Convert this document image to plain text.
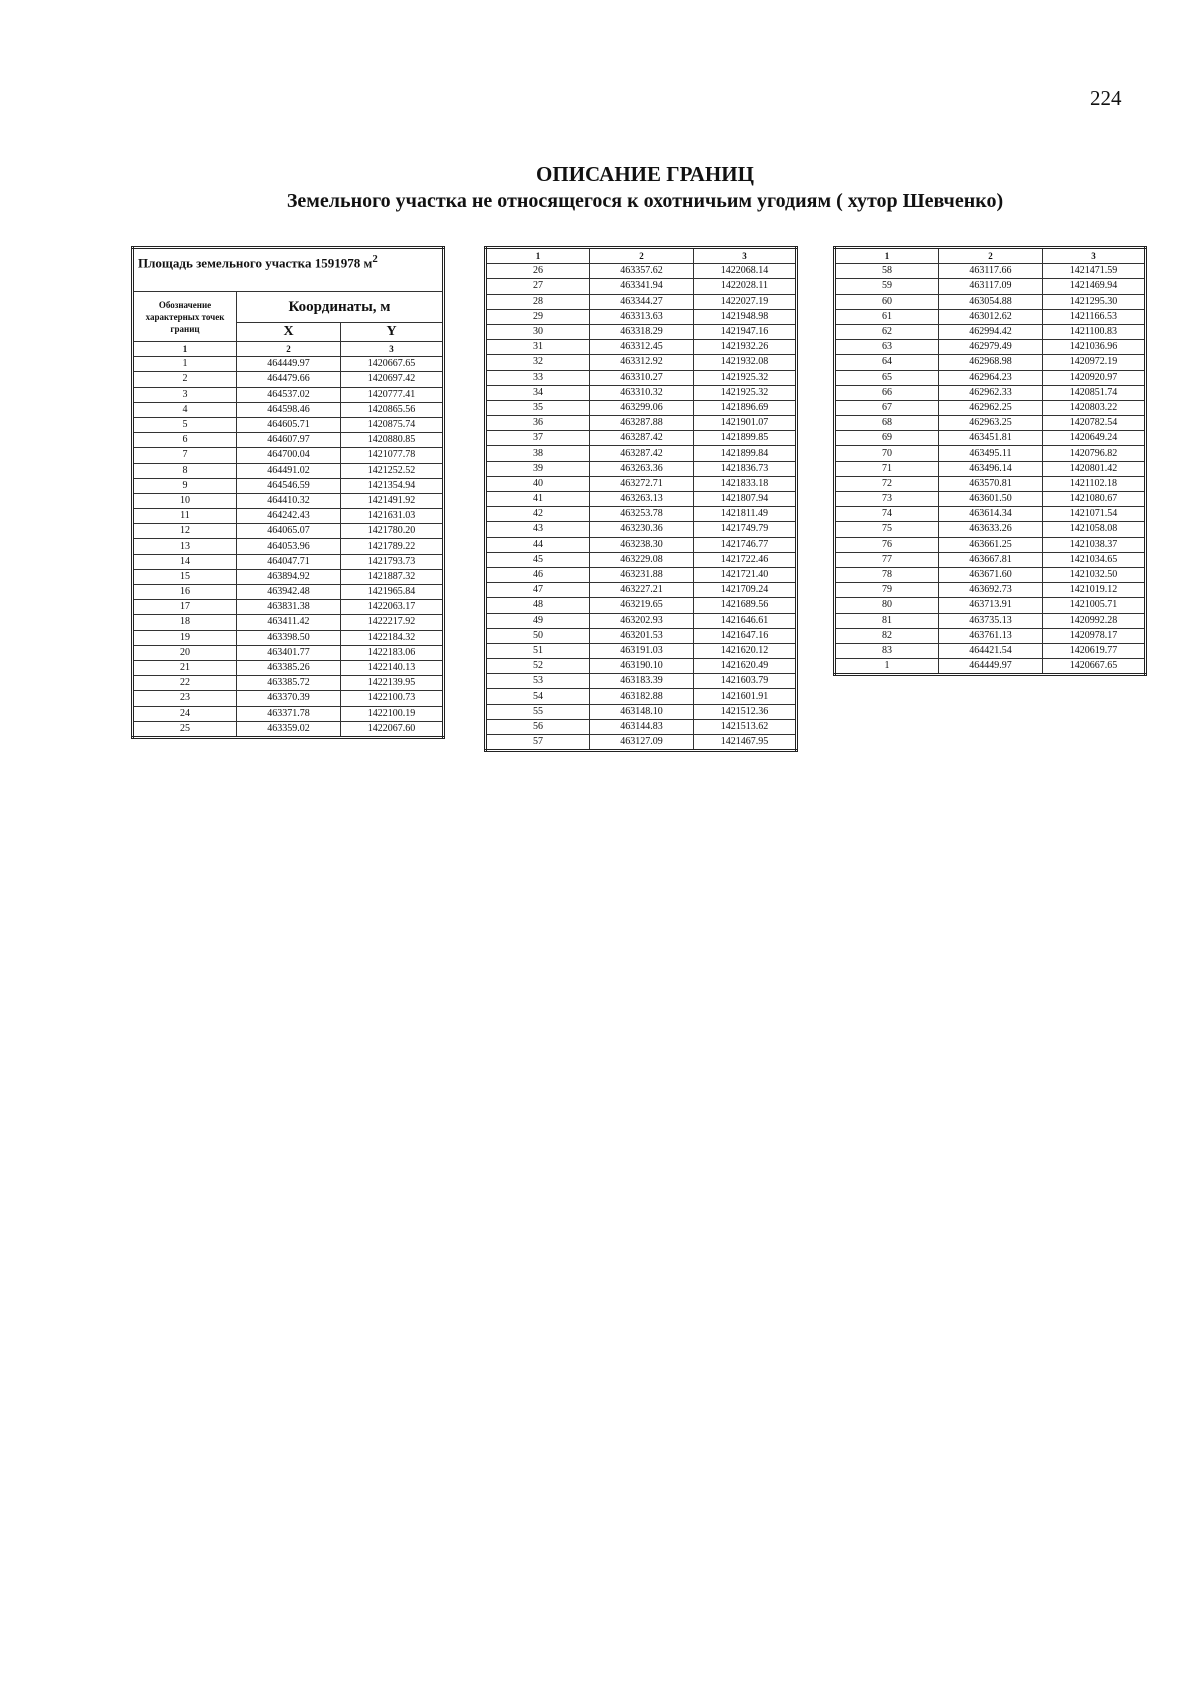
224
ОПИСАНИЕ ГРАНИЦ
Земельного участка не относящегося к охотничьим угодиям ( хутор Шевченко)
Площадь земельного участка 1591978 $м^2$
Обозначение характерных точек границ	Координаты, м	
	X	Y
1	2	3
1	464449.97	1420667.65
2	464479.66	1420697.42
3	464537.02	1420777.41
4	464598.46	1420865.56
5	464605.71	1420875.74
6	464607.97	1420880.85
7	464700.04	1421077.78
8	464491.02	1421252.52
9	464546.59	1421354.94
10	464410.32	1421491.92
11	464242.43	1421631.03
12	464065.07	1421780.20
13	464053.96	1421789.22
14	464047.71	1421793.73
15	463894.92	1421887.32
16	463942.48	1421965.84
17	463831.38	1422063.17
18	463411.42	1422217.92
19	463398.50	1422184.32
20	463401.77	1422183.06
21	463385.26	1422140.13
22	463385.72	1422139.95
23	463370.39	1422100.73
24	463371.78	1422100.19
25	463359.02	1422067.60
1	2	3
26	463357.62	1422068.14
27	463341.94	1422028.11
28	463344.27	1422027.19
29	463313.63	1421948.98
30	463318.29	1421947.16
31	463312.45	1421932.26
32	463312.92	1421932.08
33	463310.27	1421925.32
34	463310.32	1421925.32
35	463299.06	1421896.69
36	463287.88	1421901.07
37	463287.42	1421899.85
38	463287.42	1421899.84
39	463263.36	1421836.73
40	463272.71	1421833.18
41	463263.13	1421807.94
42	463253.78	1421811.49
43	463230.36	1421749.79
44	463238.30	1421746.77
45	463229.08	1421722.46
46	463231.88	1421721.40
47	463227.21	1421709.24
48	463219.65	1421689.56
49	463202.93	1421646.61
50	463201.53	1421647.16
51	463191.03	1421620.12
52	463190.10	1421620.49
53	463183.39	1421603.79
54	463182.88	1421601.91
55	463148.10	1421512.36
56	463144.83	1421513.62
57	463127.09	1421467.95
1	2	3
58	463117.66	1421471.59
59	463117.09	1421469.94
60	463054.88	1421295.30
61	463012.62	1421166.53
62	462994.42	1421100.83
63	462979.49	1421036.96
64	462968.98	1420972.19
65	462964.23	1420920.97
66	462962.33	1420851.74
67	462962.25	1420803.22
68	462963.25	1420782.54
69	463451.81	1420649.24
70	463495.11	1420796.82
71	463496.14	1420801.42
72	463570.81	1421102.18
73	463601.50	1421080.67
74	463614.34	1421071.54
75	463633.26	1421058.08
76	463661.25	1421038.37
77	463667.81	1421034.65
78	463671.60	1421032.50
79	463692.73	1421019.12
80	463713.91	1421005.71
81	463735.13	1420992.28
82	463761.13	1420978.17
83	464421.54	1420619.77
1	464449.97	1420667.65
